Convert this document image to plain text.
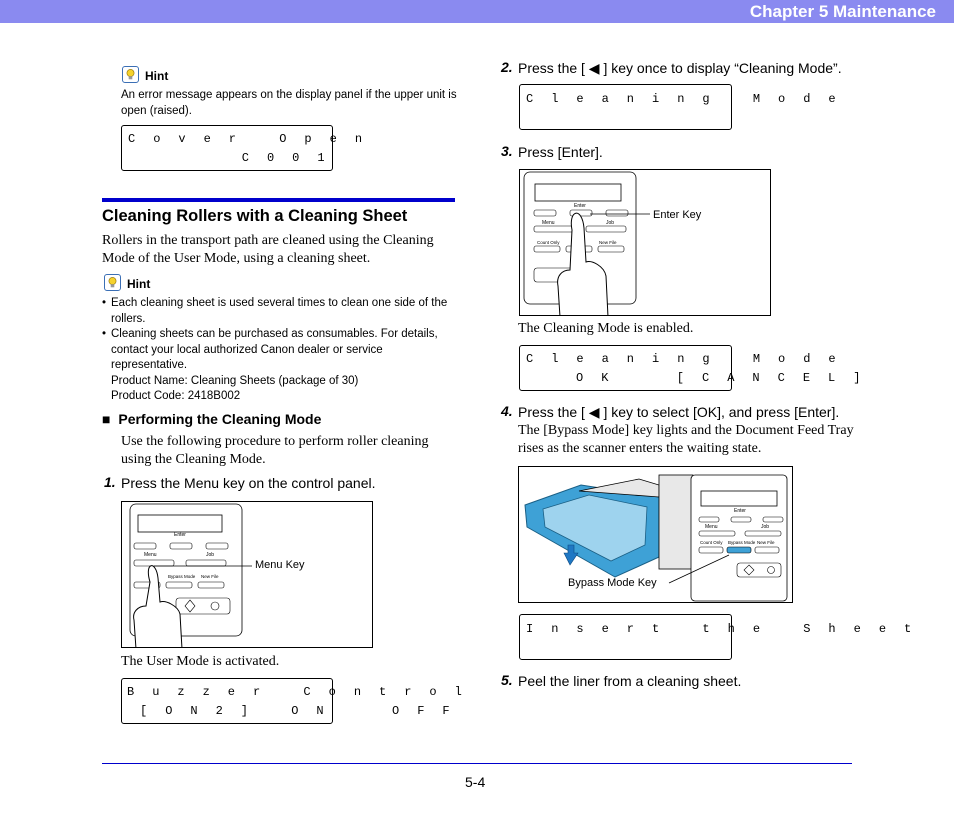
Chapter 5 Maintenance
Hint
An error message appears on the display panel if the upper unit is open (raised).
C o v e r   O p e n
C 0 0 1
Cleaning Rollers with a Cleaning Sheet
Rollers in the transport path are cleaned using the Cleaning Mode of the User Mode, using a cleaning sheet.
Hint
• Each cleaning sheet is used several times to clean one side of the rollers.
• Cleaning sheets can be purchased as consumables. For details, contact your local authorized Canon dealer or service representative.
Product Name: Cleaning Sheets (package of 30)
Product Code: 2418B002
■ Performing the Cleaning Mode
Use the following procedure to perform roller cleaning using the Cleaning Mode.
1. Press the Menu key on the control panel.
Enter
Menu	Job
Bypass Mode New File
Menu Key
The User Mode is activated.
B u z z e r   C o n t r o l
[ O N 2 ]   O N     O F F
2. Press the [ ◀ ] key once to display “Cleaning Mode”.
C l e a n i n g   M o d e
3. Press [Enter].
Enter
Menu	Job
Count Only	New File
Enter Key
The Cleaning Mode is enabled.
C l e a n i n g   M o d e
O K     [ C A N C E L ]
4. Press the [ ◀ ] key to select [OK], and press [Enter].
The [Bypass Mode] key lights and the Document Feed Tray rises as the scanner enters the waiting state.
Enter
Menu	Job
Count Only Bypass Mode New File
Bypass Mode Key
I n s e r t   t h e   S h e e t
5. Peel the liner from a cleaning sheet.
5-4
